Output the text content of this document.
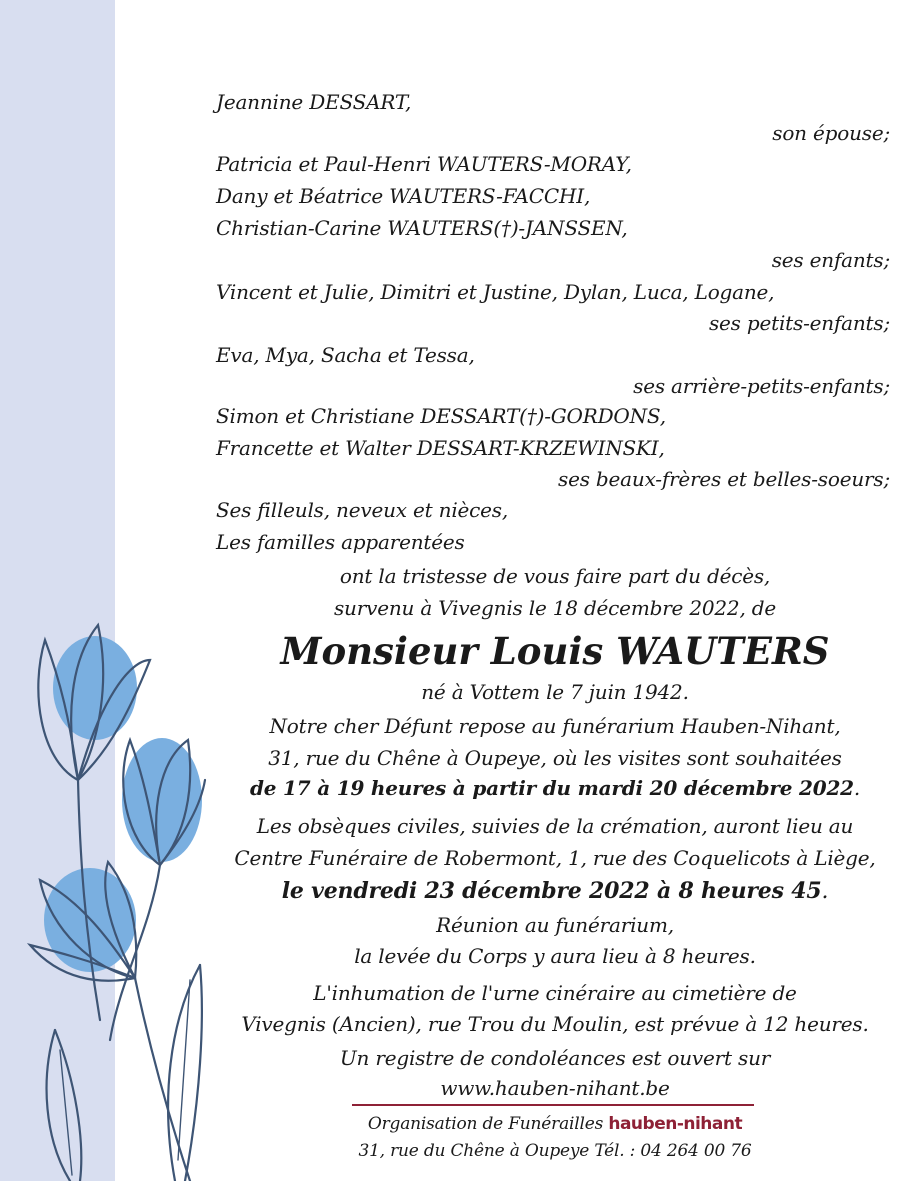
Jeannine DESSART,
son épouse;
Patricia et Paul-Henri WAUTERS-MORAY,
Dany et Béatrice WAUTERS-FACCHI,
Christian-Carine WAUTERS(†)-JANSSEN,
ses enfants;
Vincent et Julie, Dimitri et Justine, Dylan, Luca, Logane,
ses petits-enfants;
Eva, Mya, Sacha et Tessa,
ses arrière-petits-enfants;
Simon et Christiane DESSART(†)-GORDONS,
Francette et Walter DESSART-KRZEWINSKI,
ses beaux-frères et belles-soeurs;
Ses filleuls, neveux et nièces,
Les familles apparentées
ont la tristesse de vous faire part du décès,
survenu à Vivegnis le 18 décembre 2022, de
Monsieur Louis WAUTERS
né à Vottem le 7 juin 1942.
Notre cher Défunt repose au funérarium Hauben-Nihant,
31, rue du Chêne à Oupeye, où les visites sont souhaitées
de 17 à 19 heures à partir du mardi 20 décembre 2022.
Les obsèques civiles, suivies de la crémation, auront lieu au
Centre Funéraire de Robermont, 1, rue des Coquelicots à Liège,
le vendredi 23 décembre 2022 à 8 heures 45.
Réunion au funérarium,
la levée du Corps y aura lieu à 8 heures.
L'inhumation de l'urne cinéraire au cimetière de
Vivegnis (Ancien), rue Trou du Moulin, est prévue à 12 heures.
Un registre de condoléances est ouvert sur
www.hauben-nihant.be
Organisation de Funérailles hauben-nihant
31, rue du Chêne à Oupeye Tél. : 04 264 00 76
